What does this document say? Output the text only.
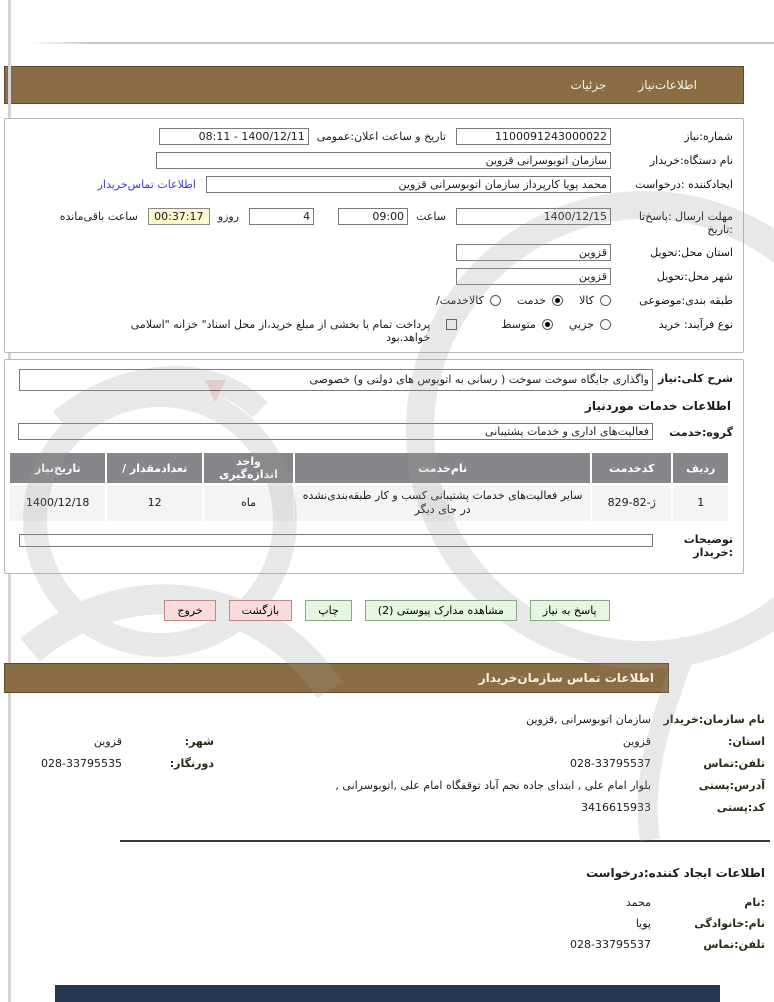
اطلاعات‌نیاز
جزئیات
شماره:نیاز
1100091243000022
تاریخ و ساعت اعلان:عمومی
08:11 - 1400/12/11
نام دستگاه:خریدار
سازمان اتوبوسرانی قزوین
ایجادکننده :درخواست
محمد پویا کارپرداز سازمان اتوبوسرانی قزوین
اطلاعات تماس‌خریدار
مهلت ارسال :پاسخ‌تا :تاریخ
1400/12/15
ساعت
09:00
4
روزو
00:37:17
ساعت باقی‌مانده
استان محل:تحویل
قزوین
شهر محل:تحویل
قزوین
طبقه بندی:موضوعی
کالا
خدمت
کالاخدمت/
نوع فرآیند: خرید
جزیي
متوسط
پرداخت تمام یا بخشی از مبلغ خرید،از محل اسناد" خزانه "اسلامی خواهد.بود
شرح کلی:نیاز
واگذاری جایگاه سوخت سوخت ( رسانی به اتوبوس های دولتی و) خصوصی
اطلاعات خدمات موردنیاز
گروه:خدمت
فعالیت‌های اداری و خدمات پشتیبانی
ردیف	کدخدمت	نام‌خدمت	واحد اندازه‌گیری	تعدادمقدار /	تاریخ‌نیاز
1	829-82-ژ	سایر فعالیت‌های خدمات پشتیبانی کسب و کار طبقه‌بندی‌نشده در جای دیگر	ماه	12	1400/12/18
توضیحات :خریدار
پاسخ به نیاز
مشاهده مدارک پیوستی (2)
چاپ
بازگشت
خروج
اطلاعات تماس سازمان‌خریدار
نام سازمان:خریدار
سازمان اتوبوسرانی ,قزوین
استان:
قزوین
شهر:
قزوین
تلفن:تماس
028-33795537
دورنگار:
028-33795535
آدرس:پستی
بلوار امام علی , ابتدای جاده نجم آباد توقفگاه امام علی ,اتوبوسرانی ,
کد:پستی
3416615933
اطلاعات ایجاد کننده:درخواست
:نام
محمد
نام:خانوادگی
پویا
تلفن:تماس
028-33795537
